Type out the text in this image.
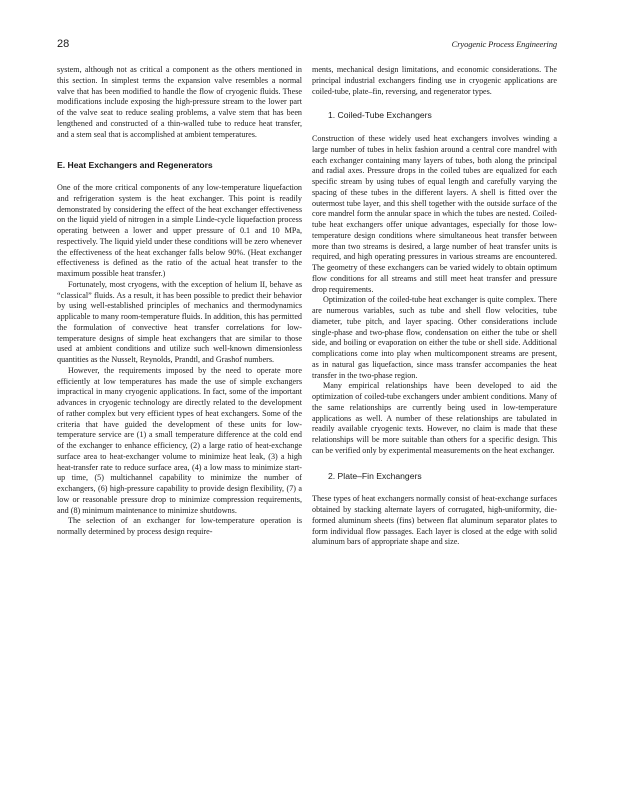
28	Cryogenic Process Engineering

system, although not as critical a component as the others mentioned in this section. In simplest terms the expansion valve resembles a normal valve that has been modified to handle the flow of cryogenic fluids. These modifications include exposing the high-pressure stream to the lower part of the valve seat to reduce sealing problems, a valve stem that has been lengthened and constructed of a thin-walled tube to reduce heat transfer, and a stem seal that is accomplished at ambient temperatures.

E. Heat Exchangers and Regenerators

One of the more critical components of any low-temperature liquefaction and refrigeration system is the heat exchanger. This point is readily demonstrated by considering the effect of the heat exchanger effectiveness on the liquid yield of nitrogen in a simple Linde-cycle liquefaction process operating between a lower and upper pressure of 0.1 and 10 MPa, respectively. The liquid yield under these conditions will be zero whenever the effectiveness of the heat exchanger falls below 90%. (Heat exchanger effectiveness is defined as the ratio of the actual heat transfer to the maximum possible heat transfer.)

Fortunately, most cryogens, with the exception of helium II, behave as “classical” fluids. As a result, it has been possible to predict their behavior by using well-established principles of mechanics and thermodynamics applicable to many room-temperature fluids. In addition, this has permitted the formulation of convective heat transfer correlations for low-temperature designs of simple heat exchangers that are similar to those used at ambient conditions and utilize such well-known dimensionless quantities as the Nusselt, Reynolds, Prandtl, and Grashof numbers.

However, the requirements imposed by the need to operate more efficiently at low temperatures has made the use of simple exchangers impractical in many cryogenic applications. In fact, some of the important advances in cryogenic technology are directly related to the development of rather complex but very efficient types of heat exchangers. Some of the criteria that have guided the development of these units for low-temperature service are (1) a small temperature difference at the cold end of the exchanger to enhance efficiency, (2) a large ratio of heat-exchange surface area to heat-exchanger volume to minimize heat leak, (3) a high heat-transfer rate to reduce surface area, (4) a low mass to minimize start-up time, (5) multichannel capability to minimize the number of exchangers, (6) high-pressure capability to provide design flexibility, (7) a low or reasonable pressure drop to minimize compression requirements, and (8) minimum maintenance to minimize shutdowns.

The selection of an exchanger for low-temperature operation is normally determined by process design require-

ments, mechanical design limitations, and economic considerations. The principal industrial exchangers finding use in cryogenic applications are coiled-tube, plate–fin, reversing, and regenerator types.

1. Coiled-Tube Exchangers

Construction of these widely used heat exchangers involves winding a large number of tubes in helix fashion around a central core mandrel with each exchanger containing many layers of tubes, both along the principal and radial axes. Pressure drops in the coiled tubes are equalized for each specific stream by using tubes of equal length and carefully varying the spacing of these tubes in the different layers. A shell is fitted over the outermost tube layer, and this shell together with the outside surface of the core mandrel form the annular space in which the tubes are nested. Coiled-tube heat exchangers offer unique advantages, especially for those low-temperature design conditions where simultaneous heat transfer between more than two streams is desired, a large number of heat transfer units is required, and high operating pressures in various streams are encountered. The geometry of these exchangers can be varied widely to obtain optimum flow conditions for all streams and still meet heat transfer and pressure drop requirements.

Optimization of the coiled-tube heat exchanger is quite complex. There are numerous variables, such as tube and shell flow velocities, tube diameter, tube pitch, and layer spacing. Other considerations include single-phase and two-phase flow, condensation on either the tube or shell side, and boiling or evaporation on either the tube or shell side. Additional complications come into play when multicomponent streams are present, as in natural gas liquefaction, since mass transfer accompanies the heat transfer in the two-phase region.

Many empirical relationships have been developed to aid the optimization of coiled-tube exchangers under ambient conditions. Many of the same relationships are currently being used in low-temperature applications as well. A number of these relationships are tabulated in readily available cryogenic texts. However, no claim is made that these relationships will be more suitable than others for a specific design. This can be verified only by experimental measurements on the heat exchanger.

2. Plate–Fin Exchangers

These types of heat exchangers normally consist of heat-exchange surfaces obtained by stacking alternate layers of corrugated, high-uniformity, die-formed aluminum sheets (fins) between flat aluminum separator plates to form individual flow passages. Each layer is closed at the edge with solid aluminum bars of appropriate shape and size.
